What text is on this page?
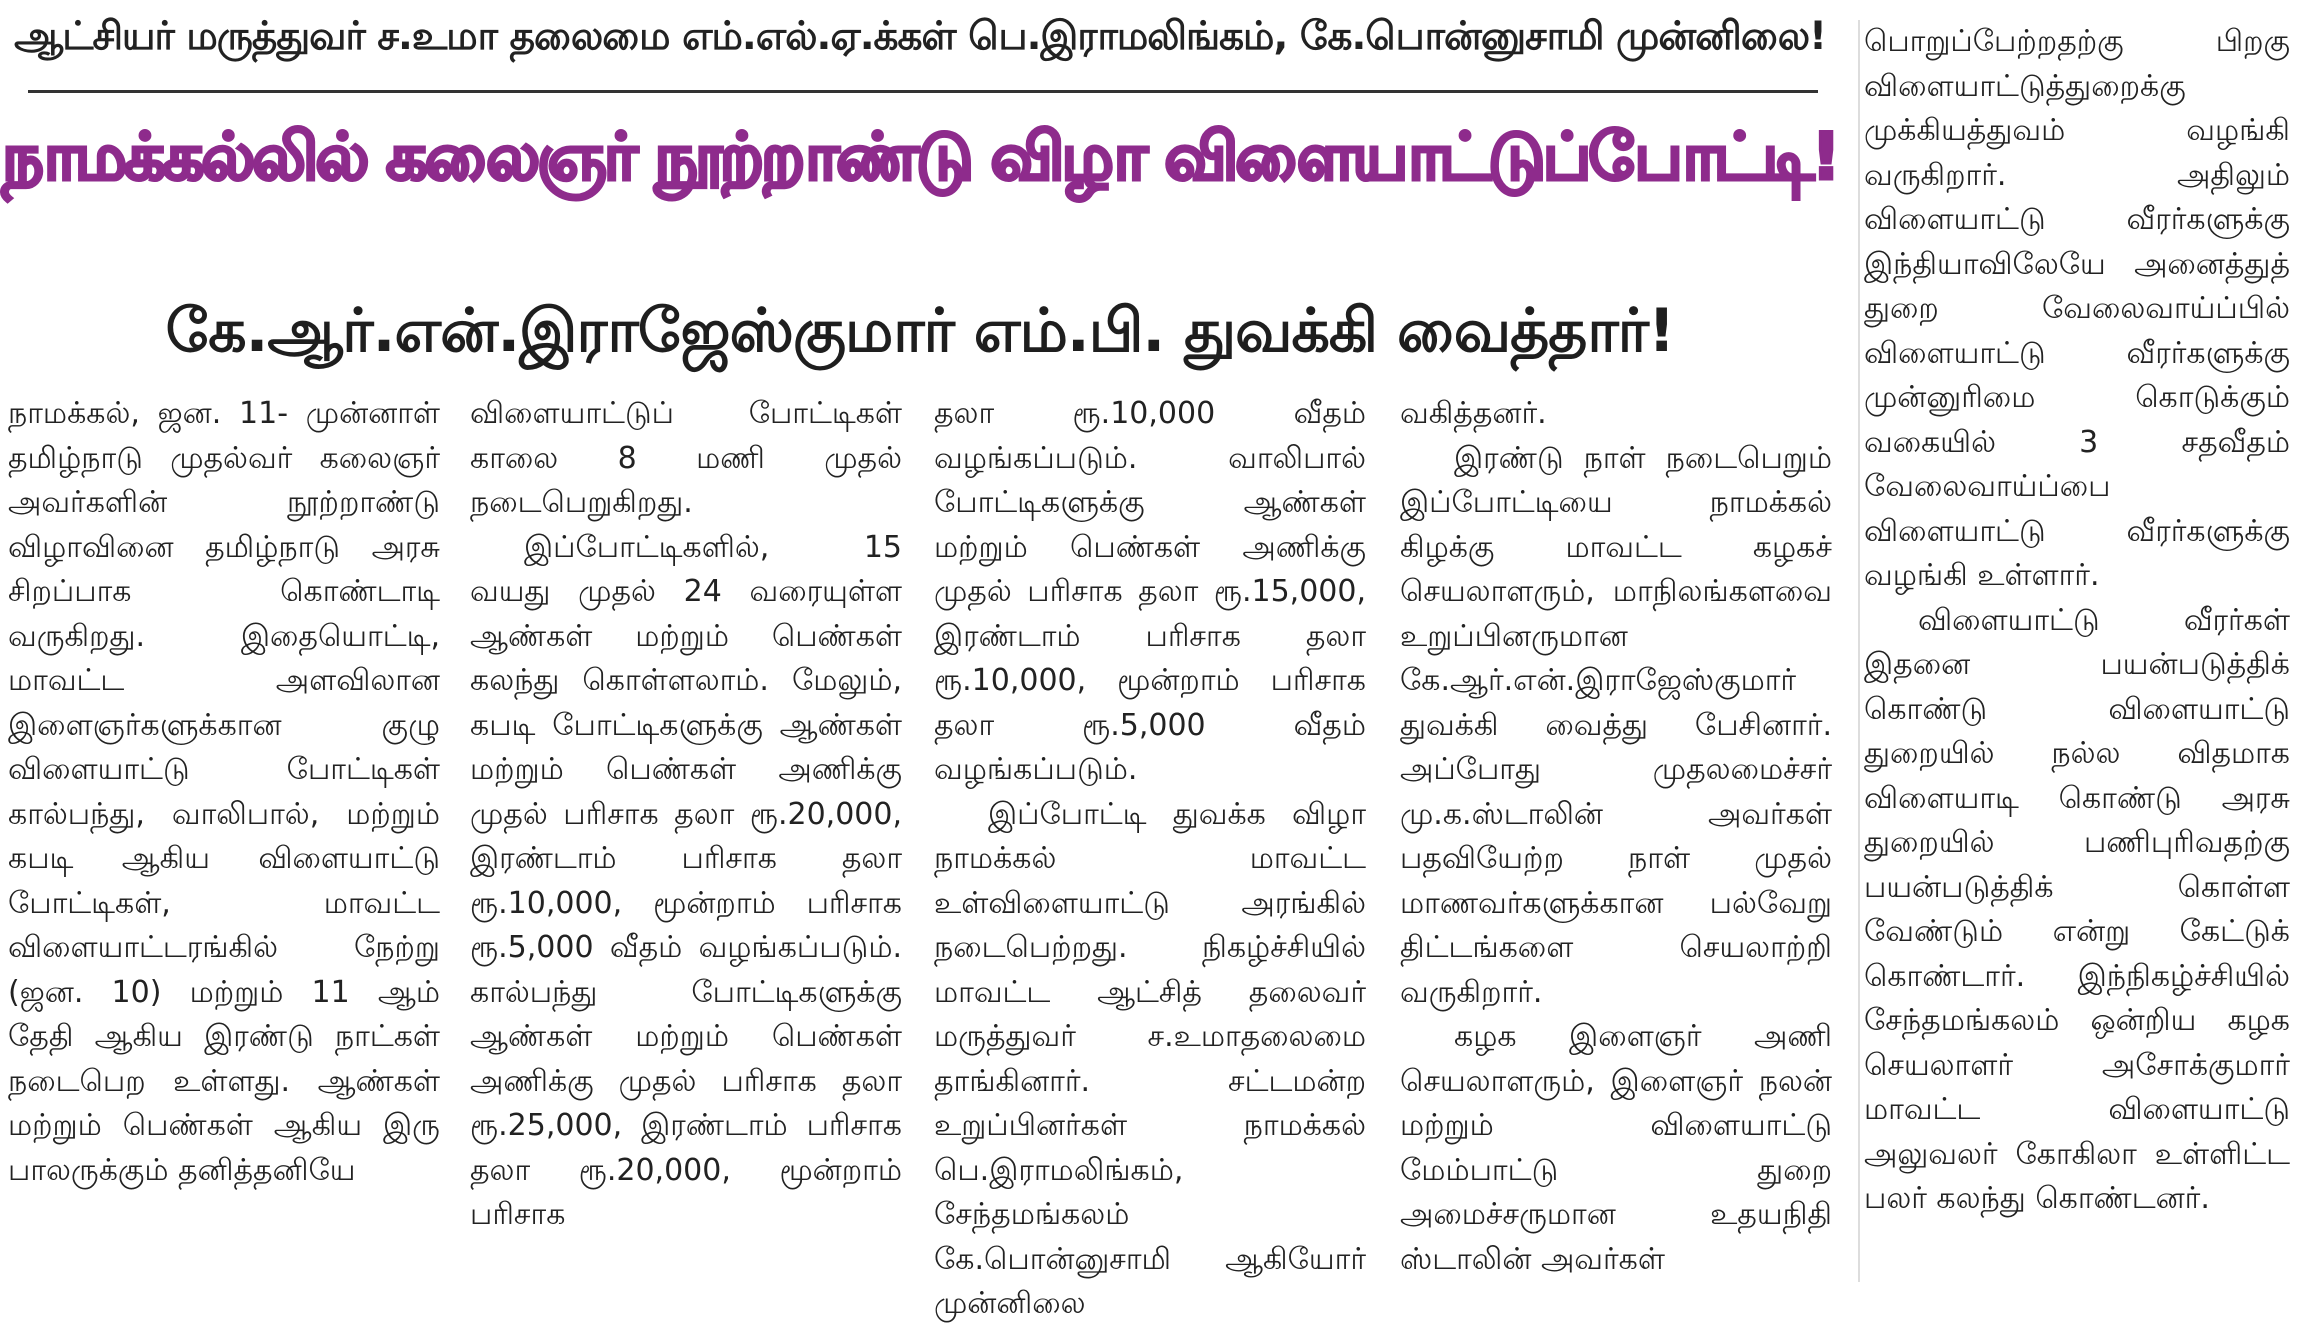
ஆட்சியர் மருத்துவர் ச.உமா தலைமை எம்.எல்.ஏ.க்கள் பெ.இராமலிங்கம், கே.பொன்னுசாமி முன்னிலை!
நாமக்கல்லில் கலைஞர் நூற்றாண்டு விழா விளையாட்டுப்போட்டி!
கே.ஆர்.என்.இராஜேஸ்குமார் எம்.பி. துவக்கி வைத்தார்!

நாமக்கல், ஜன. 11- முன்னாள் தமிழ்நாடு முதல்வர் கலைஞர் அவர்களின் நூற்றாண்டு விழாவினை தமிழ்நாடு அரசு சிறப்பாக கொண்டாடி வருகிறது. இதையொட்டி, மாவட்ட அளவிலான இளைஞர்களுக்கான குழு விளையாட்டு போட்டிகள் கால்பந்து, வாலிபால், மற்றும் கபடி ஆகிய விளையாட்டு போட்டிகள், மாவட்ட விளையாட்டரங்கில் நேற்று (ஜன. 10) மற்றும் 11 ஆம் தேதி ஆகிய இரண்டு நாட்கள் நடைபெற உள்ளது. ஆண்கள் மற்றும் பெண்கள் ஆகிய இரு பாலருக்கும் தனித்தனியே

விளையாட்டுப் போட்டிகள் காலை 8 மணி முதல் நடைபெறுகிறது.

இப்போட்டிகளில், 15 வயது முதல் 24 வரையுள்ள ஆண்கள் மற்றும் பெண்கள் கலந்து கொள்ளலாம். மேலும், கபடி போட்டிகளுக்கு ஆண்கள் மற்றும் பெண்கள் அணிக்கு முதல் பரிசாக தலா ரூ.20,000, இரண்டாம் பரிசாக தலா ரூ.10,000, மூன்றாம் பரிசாக ரூ.5,000 வீதம் வழங்கப்படும். கால்பந்து போட்டிகளுக்கு ஆண்கள் மற்றும் பெண்கள் அணிக்கு முதல் பரிசாக தலா ரூ.25,000, இரண்டாம் பரிசாக தலா ரூ.20,000, மூன்றாம் பரிசாக

தலா ரூ.10,000 வீதம் வழங்கப்படும். வாலிபால் போட்டிகளுக்கு ஆண்கள் மற்றும் பெண்கள் அணிக்கு முதல் பரிசாக தலா ரூ.15,000, இரண்டாம் பரிசாக தலா ரூ.10,000, மூன்றாம் பரிசாக தலா ரூ.5,000 வீதம் வழங்கப்படும்.

இப்போட்டி துவக்க விழா நாமக்கல் மாவட்ட உள்விளையாட்டு அரங்கில் நடைபெற்றது. நிகழ்ச்சியில் மாவட்ட ஆட்சித் தலைவர் மருத்துவர் ச.உமாதலைமை தாங்கினார். சட்டமன்ற உறுப்பினர்கள் நாமக்கல் பெ.இராமலிங்கம், சேந்தமங்கலம் கே.பொன்னுசாமி ஆகியோர் முன்னிலை

வகித்தனர்.

இரண்டு நாள் நடைபெறும் இப்போட்டியை நாமக்கல் கிழக்கு மாவட்ட கழகச் செயலாளரும், மாநிலங்களவை உறுப்பினருமான கே.ஆர்.என்.இராஜேஸ்குமார் துவக்கி வைத்து பேசினார். அப்போது முதலமைச்சர் மு.க.ஸ்டாலின் அவர்கள் பதவியேற்ற நாள் முதல் மாணவர்களுக்கான பல்வேறு திட்டங்களை செயலாற்றி வருகிறார்.

கழக இளைஞர் அணி செயலாளரும், இளைஞர் நலன் மற்றும் விளையாட்டு மேம்பாட்டு துறை அமைச்சருமான உதயநிதி ஸ்டாலின் அவர்கள்

பொறுப்பேற்றதற்கு பிறகு விளையாட்டுத்துறைக்கு முக்கியத்துவம் வழங்கி வருகிறார். அதிலும் விளையாட்டு வீரர்களுக்கு இந்தியாவிலேயே அனைத்துத் துறை வேலைவாய்ப்பில் விளையாட்டு வீரர்களுக்கு முன்னுரிமை கொடுக்கும் வகையில் 3 சதவீதம் வேலைவாய்ப்பை விளையாட்டு வீரர்களுக்கு வழங்கி உள்ளார்.

விளையாட்டு வீரர்கள் இதனை பயன்படுத்திக் கொண்டு விளையாட்டு துறையில் நல்ல விதமாக விளையாடி கொண்டு அரசு துறையில் பணிபுரிவதற்கு பயன்படுத்திக் கொள்ள வேண்டும் என்று கேட்டுக் கொண்டார். இந்நிகழ்ச்சியில் சேந்தமங்கலம் ஒன்றிய கழக செயலாளர் அசோக்குமார் மாவட்ட விளையாட்டு அலுவலர் கோகிலா உள்ளிட்ட பலர் கலந்து கொண்டனர்.
